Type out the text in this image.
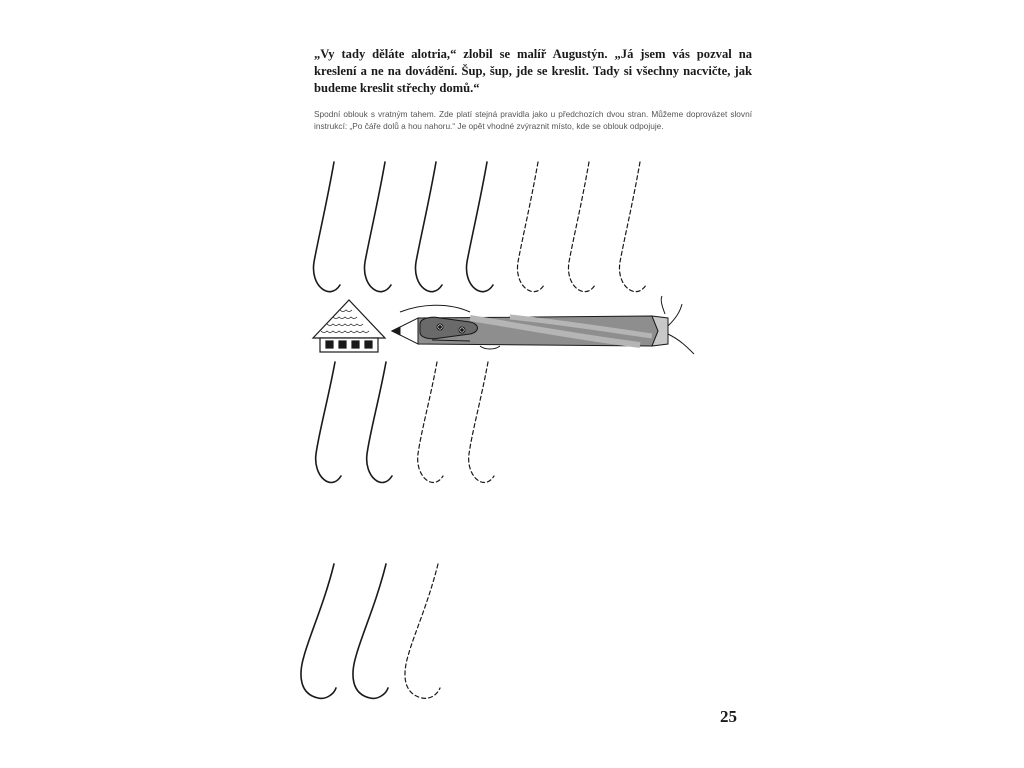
„Vy tady děláte alotria,“ zlobil se malíř Augustýn. „Já jsem vás pozval na kreslení a ne na dovádění. Šup, šup, jde se kreslit. Tady si všechny nacvičte, jak budeme kreslit střechy domů.“

Spodní oblouk s vratným tahem. Zde platí stejná pravidla jako u předchozích dvou stran. Můžeme doprovázet slovní instrukcí: „Po čáře dolů a hou nahoru.“ Je opět vhodné zvýraznit místo, kde se oblouk odpojuje.

25
